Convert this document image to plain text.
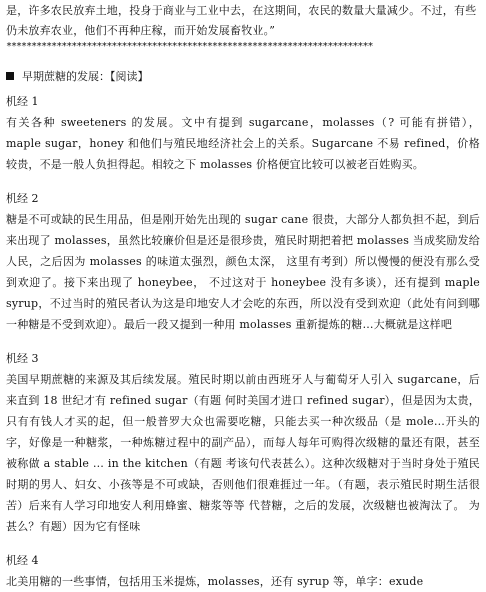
是，许多农民放弃土地，投身于商业与工业中去，在这期间，农民的数量大量减少。不过，有些

仍未放弃农业，他们不再种庄稼，而开始发展畜牧业。”

*************************************************************************
早期蔗糖的发展：【阅读】
机经 1

有关各种 sweeteners 的发展。文中有提到 sugarcane，molasses（? 可能有拼错），maple sugar，honey 和他们与殖民地经济社会上的关系。Sugarcane 不易 refined，价格较贵，不是一般人负担得起。相较之下 molasses 价格便宜比较可以被老百姓购买。

机经 2

糖是不可或缺的民生用品，但是刚开始先出现的 sugar cane 很贵，大部分人都负担不起，到后来出现了 molasses，虽然比较廉价但是还是很珍贵，殖民时期把着把 molasses 当成奖励发给人民，之后因为 molasses 的味道太强烈，颜色太深， 这里有考到）所以慢慢的便没有那么受到欢迎了。接下来出现了 honeybee， 不过这对于 honeybee 没有多谈），还有提到 maple syrup，不过当时的殖民者认为这是印地安人才会吃的东西，所以没有受到欢迎（此处有问到哪一种糖是不受到欢迎）。最后一段又提到一种用 molasses 重新提炼的糖…大概就是这样吧

机经 3

美国早期蔗糖的来源及其后续发展。殖民时期以前由西班牙人与葡萄牙人引入 sugarcane，后来直到 18 世纪才有 refined sugar（有题 何时美国才进口 refined sugar），但是因为太贵，只有有钱人才买的起，但一般普罗大众也需要吃糖，只能去买一种次级品（是 mole…开头的字，好像是一种糖浆，一种炼糖过程中的副产品），而每人每年可购得次级糖的量还有限，甚至被称做 a stable … in the kitchen（有题 考该句代表甚么）。这种次级糖对于当时身处于殖民时期的男人、妇女、小孩等是不可或缺，否则他们很难捱过一年。（有题，表示殖民时期生活很苦）后来有人学习印地安人利用蜂蜜、糖浆等等 代替糖，之后的发展，次级糖也被淘汰了。 为甚么？有题）因为它有怪味

机经 4

北美用糖的一些事情，包括用玉米提炼，molasses，还有 syrup 等，单字：exude
